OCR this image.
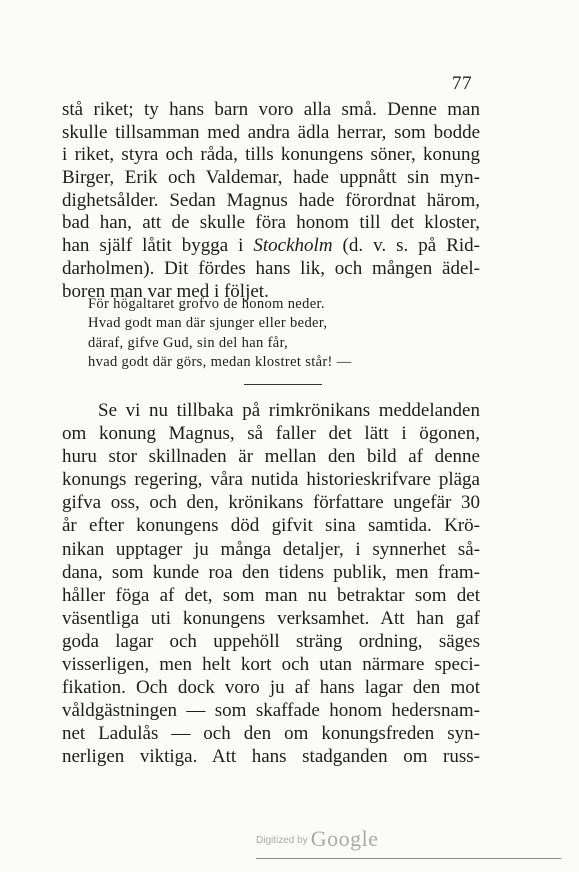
77
stå riket; ty hans barn voro alla små. Denne man
skulle tillsamman med andra ädla herrar, som bodde
i riket, styra och råda, tills konungens söner, konung
Birger, Erik och Valdemar, hade uppnått sin myn-
dighetsålder. Sedan Magnus hade förordnat härom,
bad han, att de skulle föra honom till det kloster,
han själf låtit bygga i Stockholm (d. v. s. på Rid-
darholmen). Dit fördes hans lik, och mången ädel-
boren man var med i följet.
För högaltaret grofvo de honom neder.
Hvad godt man där sjunger eller beder,
däraf, gifve Gud, sin del han får,
hvad godt där görs, medan klostret står! —
Se vi nu tillbaka på rimkrönikans meddelanden
om konung Magnus, så faller det lätt i ögonen,
huru stor skillnaden är mellan den bild af denne
konungs regering, våra nutida historieskrifvare pläga
gifva oss, och den, krönikans författare ungefär 30
år efter konungens död gifvit sina samtida. Krö-
nikan upptager ju många detaljer, i synnerhet så-
dana, som kunde roa den tidens publik, men fram-
håller föga af det, som man nu betraktar som det
väsentliga uti konungens verksamhet. Att han gaf
goda lagar och uppehöll sträng ordning, säges
visserligen, men helt kort och utan närmare speci-
fikation. Och dock voro ju af hans lagar den mot
våldgästningen — som skaffade honom hedersnam-
net Ladulås — och den om konungsfreden syn-
nerligen viktiga. Att hans stadganden om russ-
Digitized by Google
